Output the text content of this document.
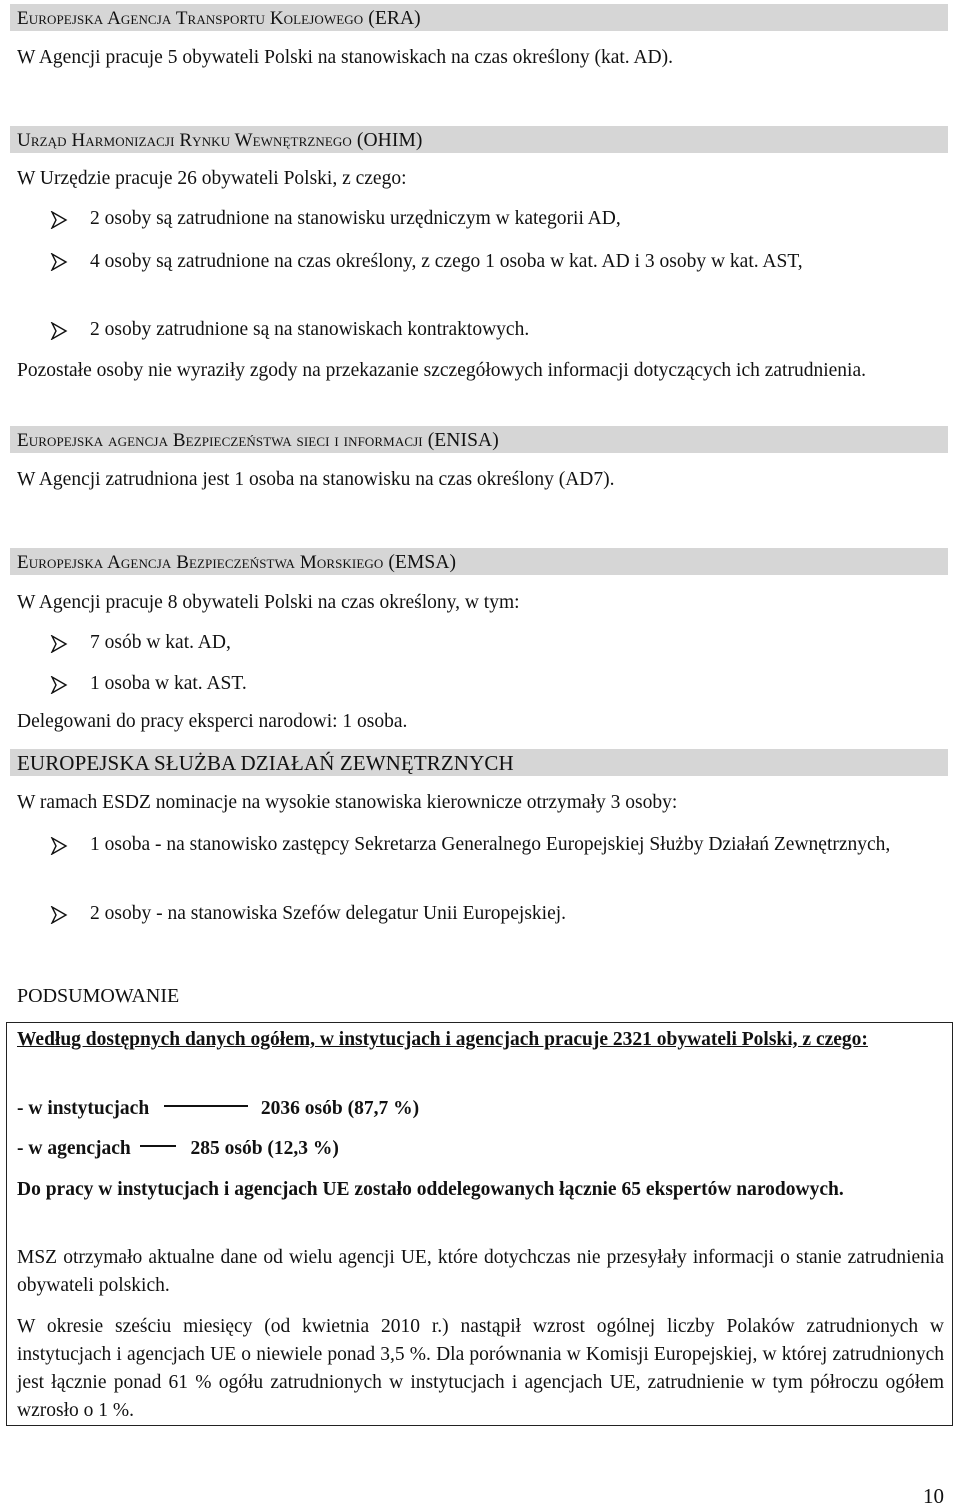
Europejska Agencja Transportu Kolejowego (ERA)
W Agencji pracuje 5 obywateli Polski na stanowiskach na czas określony (kat. AD).
Urząd Harmonizacji Rynku Wewnętrznego (OHIM)
W Urzędzie pracuje 26 obywateli Polski, z czego:
2 osoby są zatrudnione na stanowisku urzędniczym w kategorii AD,
4 osoby są zatrudnione na czas określony, z czego 1 osoba w kat. AD i 3 osoby w kat. AST,
2 osoby zatrudnione są na stanowiskach kontraktowych.
Pozostałe osoby nie wyraziły zgody na przekazanie szczegółowych informacji dotyczących ich zatrudnienia.
Europejska agencja Bezpieczeństwa sieci i informacji (ENISA)
W Agencji zatrudniona jest 1 osoba na stanowisku na czas określony (AD7).
Europejska Agencja Bezpieczeństwa Morskiego (EMSA)
W Agencji pracuje 8 obywateli Polski na czas określony, w tym:
7 osób w kat. AD,
1 osoba w kat. AST.
Delegowani do pracy eksperci narodowi: 1 osoba.
EUROPEJSKA SŁUŻBA DZIAŁAŃ ZEWNĘTRZNYCH
W ramach ESDZ nominacje na wysokie stanowiska kierownicze otrzymały 3 osoby:
1 osoba - na stanowisko zastępcy Sekretarza Generalnego Europejskiej Służby Działań Zewnętrznych,
2 osoby - na stanowiska Szefów delegatur Unii Europejskiej.
PODSUMOWANIE
Według dostępnych danych ogółem, w instytucjach i agencjach pracuje 2321 obywateli Polski, z czego:
- w instytucjach	2036 osób (87,7 %)
- w agencjach	285 osób (12,3 %)
Do pracy w instytucjach i agencjach UE zostało oddelegowanych łącznie 65 ekspertów narodowych.
MSZ otrzymało aktualne dane od wielu agencji UE, które dotychczas nie przesyłały informacji o stanie zatrudnienia obywateli polskich.
W okresie sześciu miesięcy (od kwietnia 2010 r.) nastąpił wzrost ogólnej liczby Polaków zatrudnionych w instytucjach i agencjach UE o niewiele ponad 3,5 %. Dla porównania w Komisji Europejskiej, w której zatrudnionych jest łącznie ponad 61 % ogółu zatrudnionych w instytucjach i agencjach UE, zatrudnienie w tym półroczu ogółem wzrosło o 1 %.
10
